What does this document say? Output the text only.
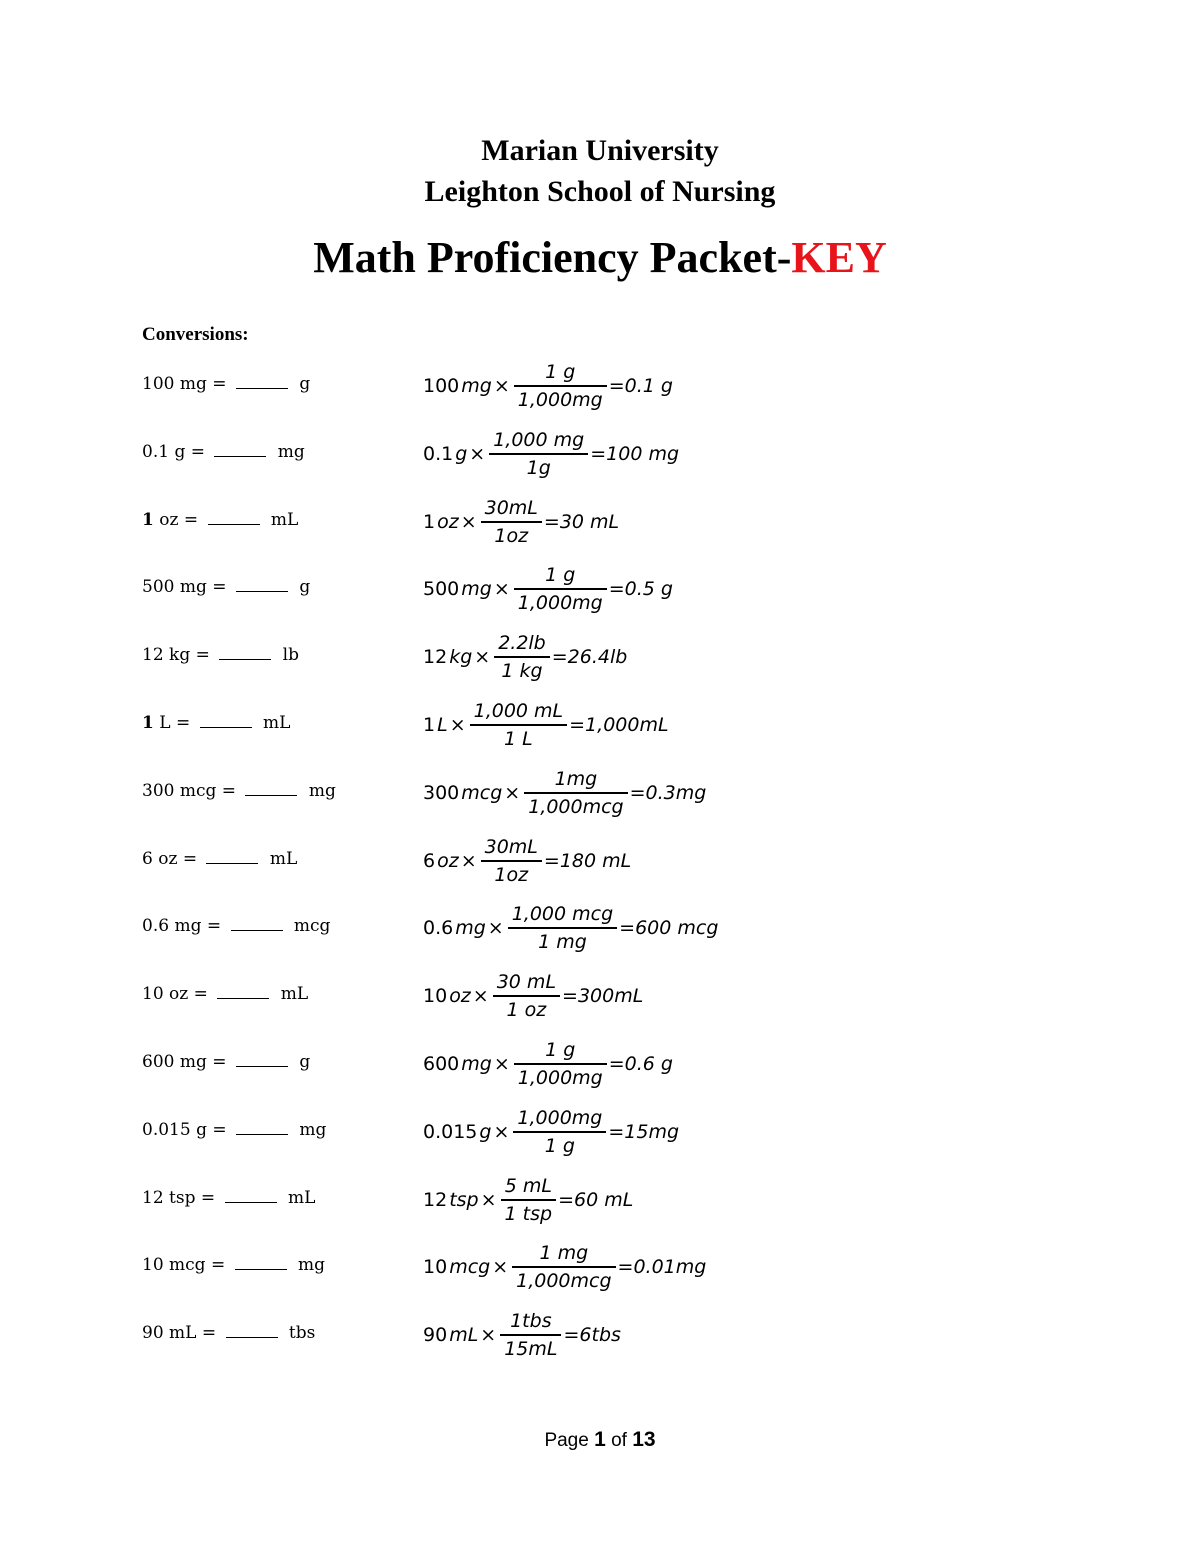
Marian University
Leighton School of Nursing
Math Proficiency Packet-KEY
Conversions:
100 mg =	g	100 mg × $\frac{1 g}{1,000mg} =0.1$ g
0.1 g =	mg	0.1 $g \times \frac{1,000 mg}{1g} =100$ mg
1 oz =	mL	1 oz × $\frac{30mL}{1oz} =30$ mL
500 mg =	g	500 mg × $\frac{1 g}{1,000mg} =0.5$ g
12 kg =	lb	12 kg × $\frac{2.2lb}{1 kg} =26.4lb$
1 L =	mL	1 $L \times \frac{1,000 mL}{1 L} =1,000mL$
300 mcg =	mg	300 mcg × $\frac{1mg}{\text{1,000mcg}} =0.3mg$
6 oz =	mL	6 oz × $\frac{30mL}{1oz} =180$ mL
0.6 mg =	mcg	0.6 mg × $\frac{\text{1,000 mcg}}{1 mg} =600$ mcg
10 oz =	mL	10 oz × $\frac{30 mL}{1 oz} =300mL$
600 mg =	g	600 mg × $\frac{1 g}{1,000mg} =0.6$ g
0.015 g =	mg	0.015 $g \times \frac{1,000mg}{1 g} =15mg$
12 tsp =	mL	12 tsp × $\frac{5 mL}{\text{1 tsp}} =60$ mL
10 mcg =	mg	10 mcg × $\frac{1 mg}{\text{1,000mcg}} =0.01mg$
90 mL =	tbs	90 mL × $\frac{\text{1tbs}}{15mL} =6tbs$
Page 1 of 13
